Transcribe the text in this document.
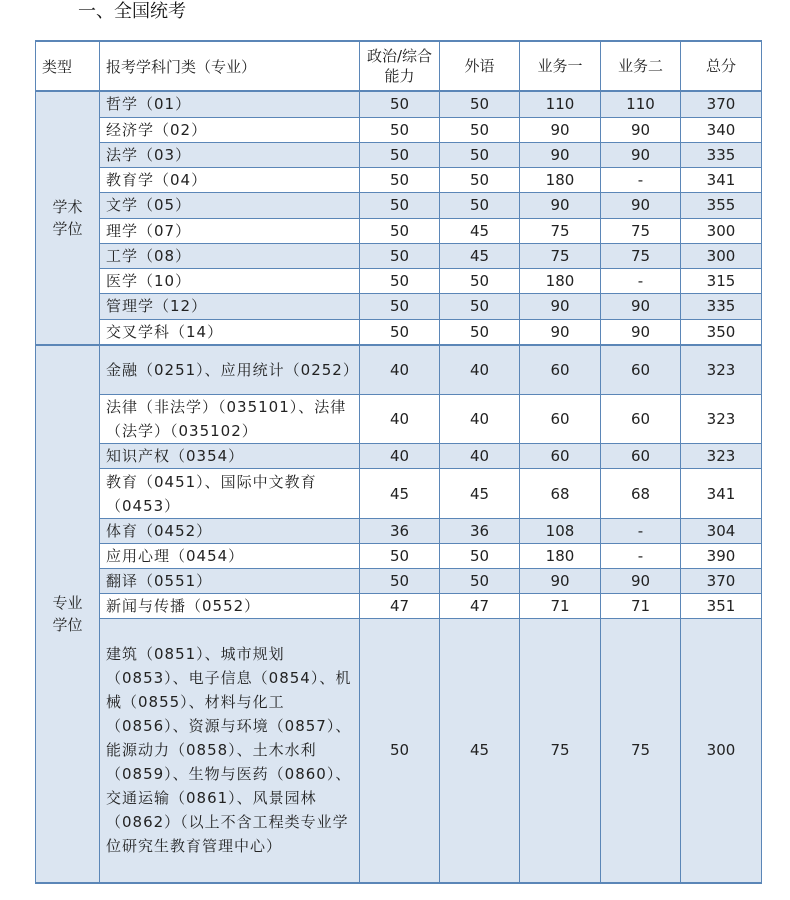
一、全国统考
类型	报考学科门类（专业）	政治/综合能力	外语	业务一	业务二	总分
学术学位	哲学（01）	50	50	110	110	370
	经济学（02）	50	50	90	90	340
	法学（03）	50	50	90	90	335
	教育学（04）	50	50	180	-	341
	文学（05）	50	50	90	90	355
	理学（07）	50	45	75	75	300
	工学（08）	50	45	75	75	300
	医学（10）	50	50	180	-	315
	管理学（12）	50	50	90	90	335
	交叉学科（14）	50	50	90	90	350
专业学位	金融（0251）、应用统计（0252）	40	40	60	60	323
	法律（非法学）（035101）、法律（法学）（035102）	40	40	60	60	323
	知识产权（0354）	40	40	60	60	323
	教育（0451）、国际中文教育（0453）	45	45	68	68	341
	体育（0452）	36	36	108	-	304
	应用心理（0454）	50	50	180	-	390
	翻译（0551）	50	50	90	90	370
	新闻与传播（0552）	47	47	71	71	351
	建筑（0851）、城市规划（0853）、电子信息（0854）、机械（0855）、材料与化工（0856）、资源与环境（0857）、能源动力（0858）、土木水利（0859）、生物与医药（0860）、交通运输（0861）、风景园林（0862）（以上不含工程类专业学位研究生教育管理中心）	50	45	75	75	300
